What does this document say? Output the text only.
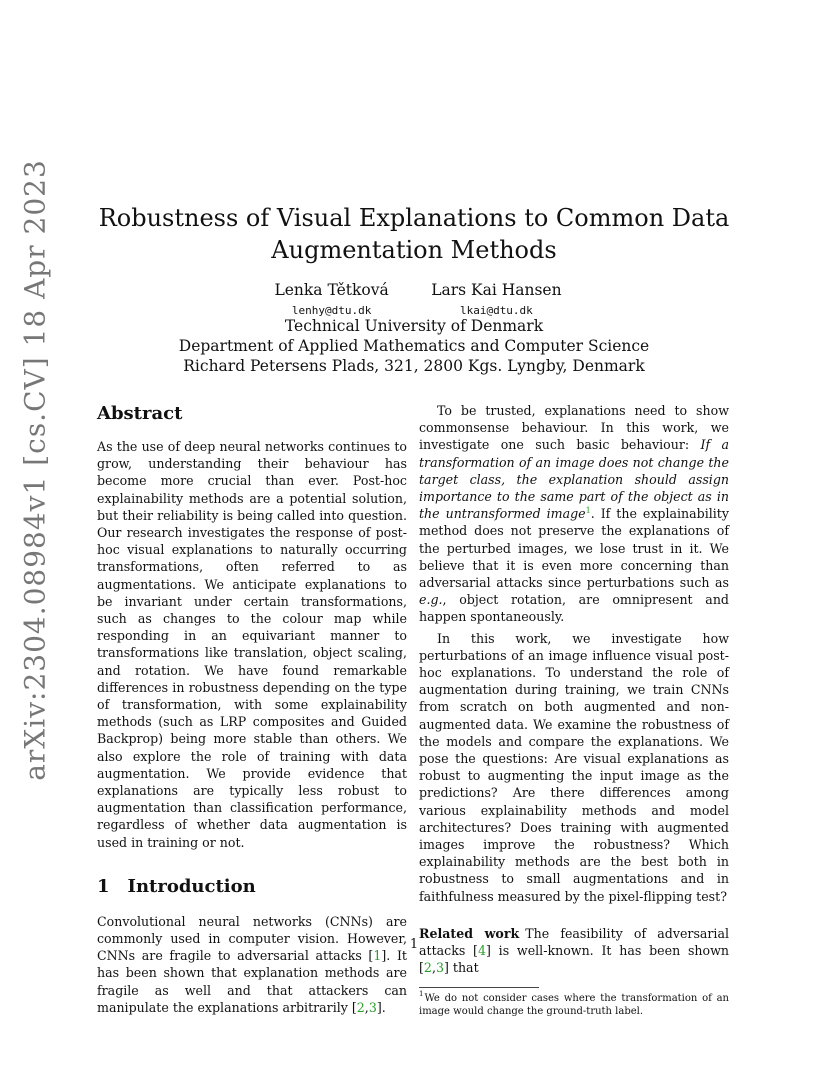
arXiv:2304.08984v1 [cs.CV] 18 Apr 2023	Robustness of Visual Explanations to Common Data Augmentation Methods
Lenka Tětková
lenhy@dtu.dk

Lars Kai Hansen
lkai@dtu.dk
Technical University of Denmark
Department of Applied Mathematics and Computer Science
Richard Petersens Plads, 321, 2800 Kgs. Lyngby, Denmark
Abstract

As the use of deep neural networks continues to grow, understanding their behaviour has become more crucial than ever. Post-hoc explainability methods are a potential solution, but their reliability is being called into question. Our research investigates the response of post-hoc visual explanations to naturally occurring transformations, often referred to as augmentations. We anticipate explanations to be invariant under certain transformations, such as changes to the colour map while responding in an equivariant manner to transformations like translation, object scaling, and rotation. We have found remarkable differences in robustness depending on the type of transformation, with some explainability methods (such as LRP composites and Guided Backprop) being more stable than others. We also explore the role of training with data augmentation. We provide evidence that explanations are typically less robust to augmentation than classification performance, regardless of whether data augmentation is used in training or not.

1 Introduction

Convolutional neural networks (CNNs) are commonly used in computer vision. However, CNNs are fragile to adversarial attacks [1]. It has been shown that explanation methods are fragile as well and that attackers can manipulate the explanations arbitrarily [2,3].

To be trusted, explanations need to show commonsense behaviour. In this work, we investigate one such basic behaviour: If a transformation of an image does not change the target class, the explanation should assign importance to the same part of the object as in the untransformed image$^1$. If the explainability method does not preserve the explanations of the perturbed images, we lose trust in it. We believe that it is even more concerning than adversarial attacks since perturbations such as e.g., object rotation, are omnipresent and happen spontaneously.

In this work, we investigate how perturbations of an image influence visual post-hoc explanations. To understand the role of augmentation during training, we train CNNs from scratch on both augmented and non-augmented data. We examine the robustness of the models and compare the explanations. We pose the questions: Are visual explanations as robust to augmenting the input image as the predictions? Are there differences among various explainability methods and model architectures? Does training with augmented images improve the robustness? Which explainability methods are the best both in robustness to small augmentations and in faithfulness measured by the pixel-flipping test?

Related work The feasibility of adversarial attacks [4] is well-known. It has been shown [2,3] that

$^1$We do not consider cases where the transformation of an image would change the ground-truth label.

1
